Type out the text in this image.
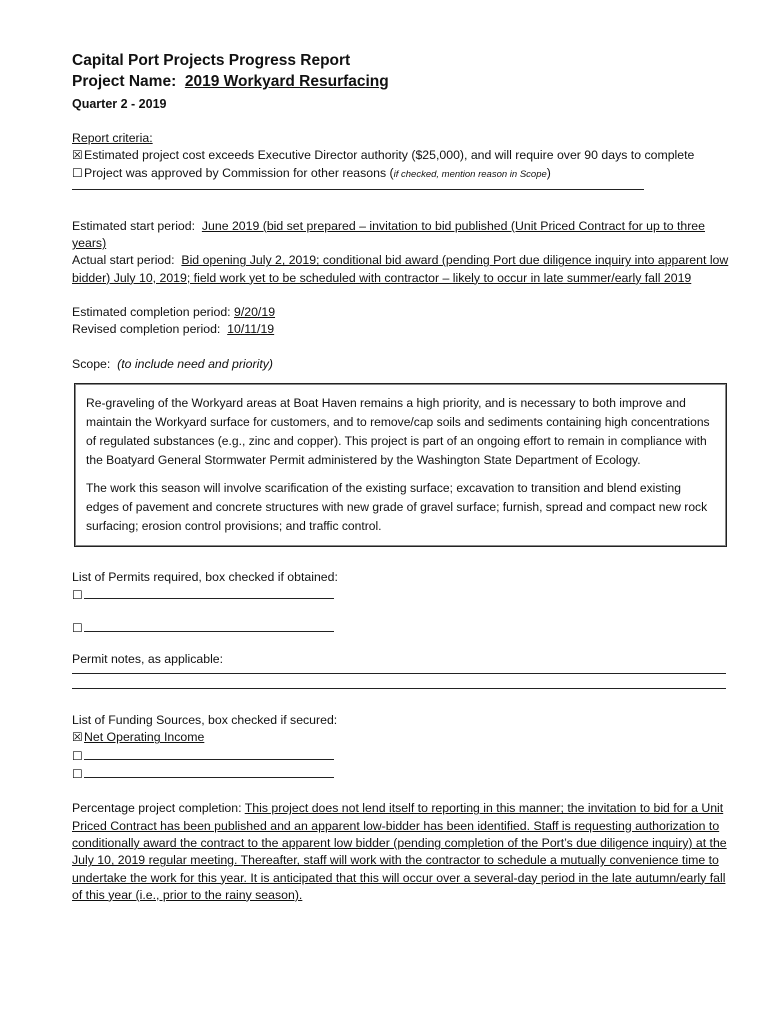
Capital Port Projects Progress Report
Project Name: 2019 Workyard Resurfacing
Quarter 2 - 2019
Report criteria:
☒Estimated project cost exceeds Executive Director authority ($25,000), and will require over 90 days to complete
☐Project was approved by Commission for other reasons (if checked, mention reason in Scope)
Estimated start period: June 2019 (bid set prepared – invitation to bid published (Unit Priced Contract for up to three years)
Actual start period: Bid opening July 2, 2019; conditional bid award (pending Port due diligence inquiry into apparent low bidder) July 10, 2019; field work yet to be scheduled with contractor – likely to occur in late summer/early fall 2019
Estimated completion period: 9/20/19
Revised completion period: 10/11/19
Scope: (to include need and priority)

Re-graveling of the Workyard areas at Boat Haven remains a high priority, and is necessary to both improve and maintain the Workyard surface for customers, and to remove/cap soils and sediments containing high concentrations of regulated substances (e.g., zinc and copper). This project is part of an ongoing effort to remain in compliance with the Boatyard General Stormwater Permit administered by the Washington State Department of Ecology.

The work this season will involve scarification of the existing surface; excavation to transition and blend existing edges of pavement and concrete structures with new grade of gravel surface; furnish, spread and compact new rock surfacing; erosion control provisions; and traffic control.

List of Permits required, box checked if obtained:
☐
☐
Permit notes, as applicable:
List of Funding Sources, box checked if secured:
☒Net Operating Income
☐
☐
Percentage project completion: This project does not lend itself to reporting in this manner; the invitation to bid for a Unit Priced Contract has been published and an apparent low-bidder has been identified. Staff is requesting authorization to conditionally award the contract to the apparent low bidder (pending completion of the Port’s due diligence inquiry) at the July 10, 2019 regular meeting. Thereafter, staff will work with the contractor to schedule a mutually convenience time to undertake the work for this year. It is anticipated that this will occur over a several-day period in the late autumn/early fall of this year (i.e., prior to the rainy season).
